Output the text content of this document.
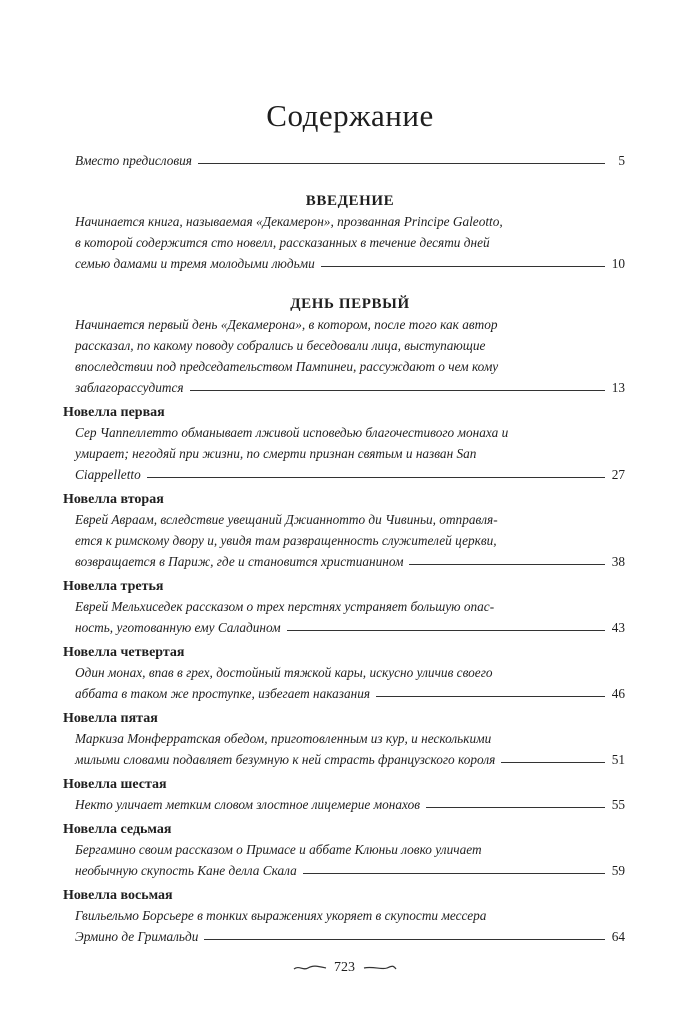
Содержание
Вместо предисловия	5
ВВЕДЕНИЕ
Начинается книга, называемая «Декамерон», прозванная Principe Galeotto,
в которой содержится сто новелл, рассказанных в течение десяти дней
семью дамами и тремя молодыми людьми	10
ДЕНЬ ПЕРВЫЙ
Начинается первый день «Декамерона», в котором, после того как автор
рассказал, по какому поводу собрались и беседовали лица, выступающие
впоследствии под председательством Пампинеи, рассуждают о чем кому
заблагорассудится	13
Новелла первая
Сер Чаппеллетто обманывает лживой исповедью благочестивого монаха и
умирает; негодяй при жизни, по смерти признан святым и назван San
Ciappelletto	27
Новелла вторая
Еврей Авраам, вследствие увещаний Джианнотто ди Чивиньи, отправля-
ется к римскому двору и, увидя там развращенность служителей церкви,
возвращается в Париж, где и становится христианином	38
Новелла третья
Еврей Мельхиседек рассказом о трех перстнях устраняет большую опас-
ность, уготованную ему Саладином	43
Новелла четвертая
Один монах, впав в грех, достойный тяжкой кары, искусно уличив своего
аббата в таком же проступке, избегает наказания	46
Новелла пятая
Маркиза Монферратская обедом, приготовленным из кур, и несколькими
милыми словами подавляет безумную к ней страсть французского короля	51
Новелла шестая
Некто уличает метким словом злостное лицемерие монахов	55
Новелла седьмая
Бергамино своим рассказом о Примасе и аббате Клюньи ловко уличает
необычную скупость Кане делла Скала	59
Новелла восьмая
Гвильельмо Борсьере в тонких выражениях укоряет в скупости мессера
Эрмино де Гримальди	64
723
